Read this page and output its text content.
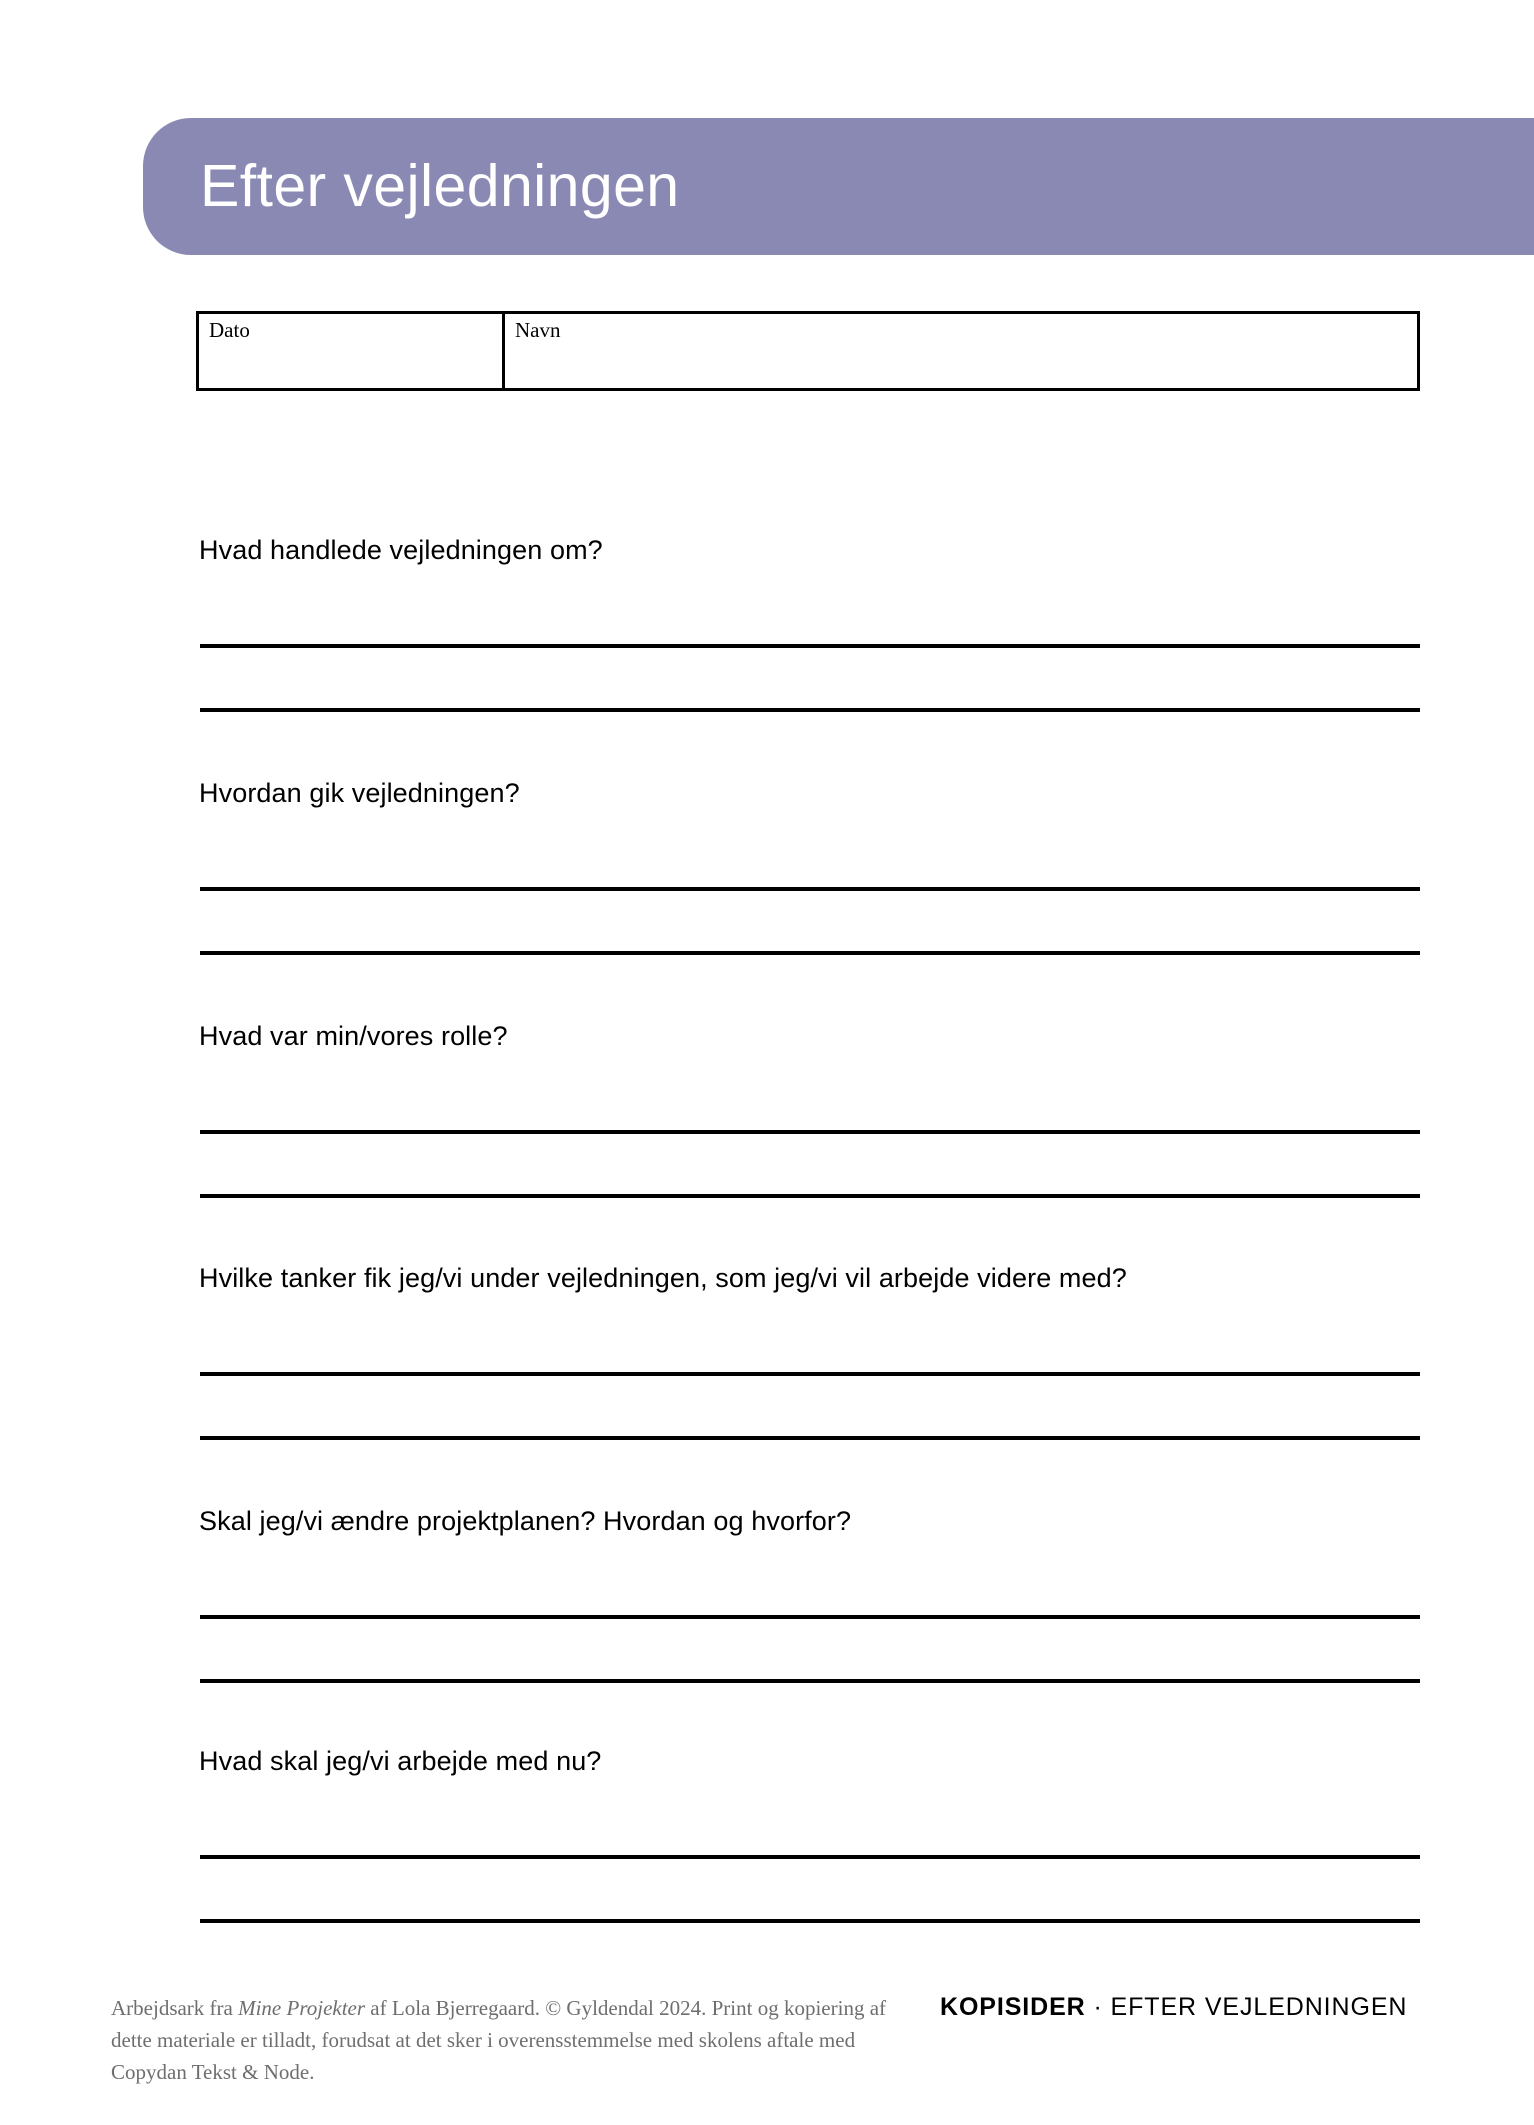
Efter vejledningen
Dato	Navn
Hvad handlede vejledningen om?
Hvordan gik vejledningen?
Hvad var min/vores rolle?
Hvilke tanker fik jeg/vi under vejledningen, som jeg/vi vil arbejde videre med?
Skal jeg/vi ændre projektplanen? Hvordan og hvorfor?
Hvad skal jeg/vi arbejde med nu?
Arbejdsark fra Mine Projekter af Lola Bjerregaard. © Gyldendal 2024. Print og kopiering af dette materiale er tilladt, forudsat at det sker i overensstemmelse med skolens aftale med Copydan Tekst & Node.
KOPISIDER · EFTER VEJLEDNINGEN
